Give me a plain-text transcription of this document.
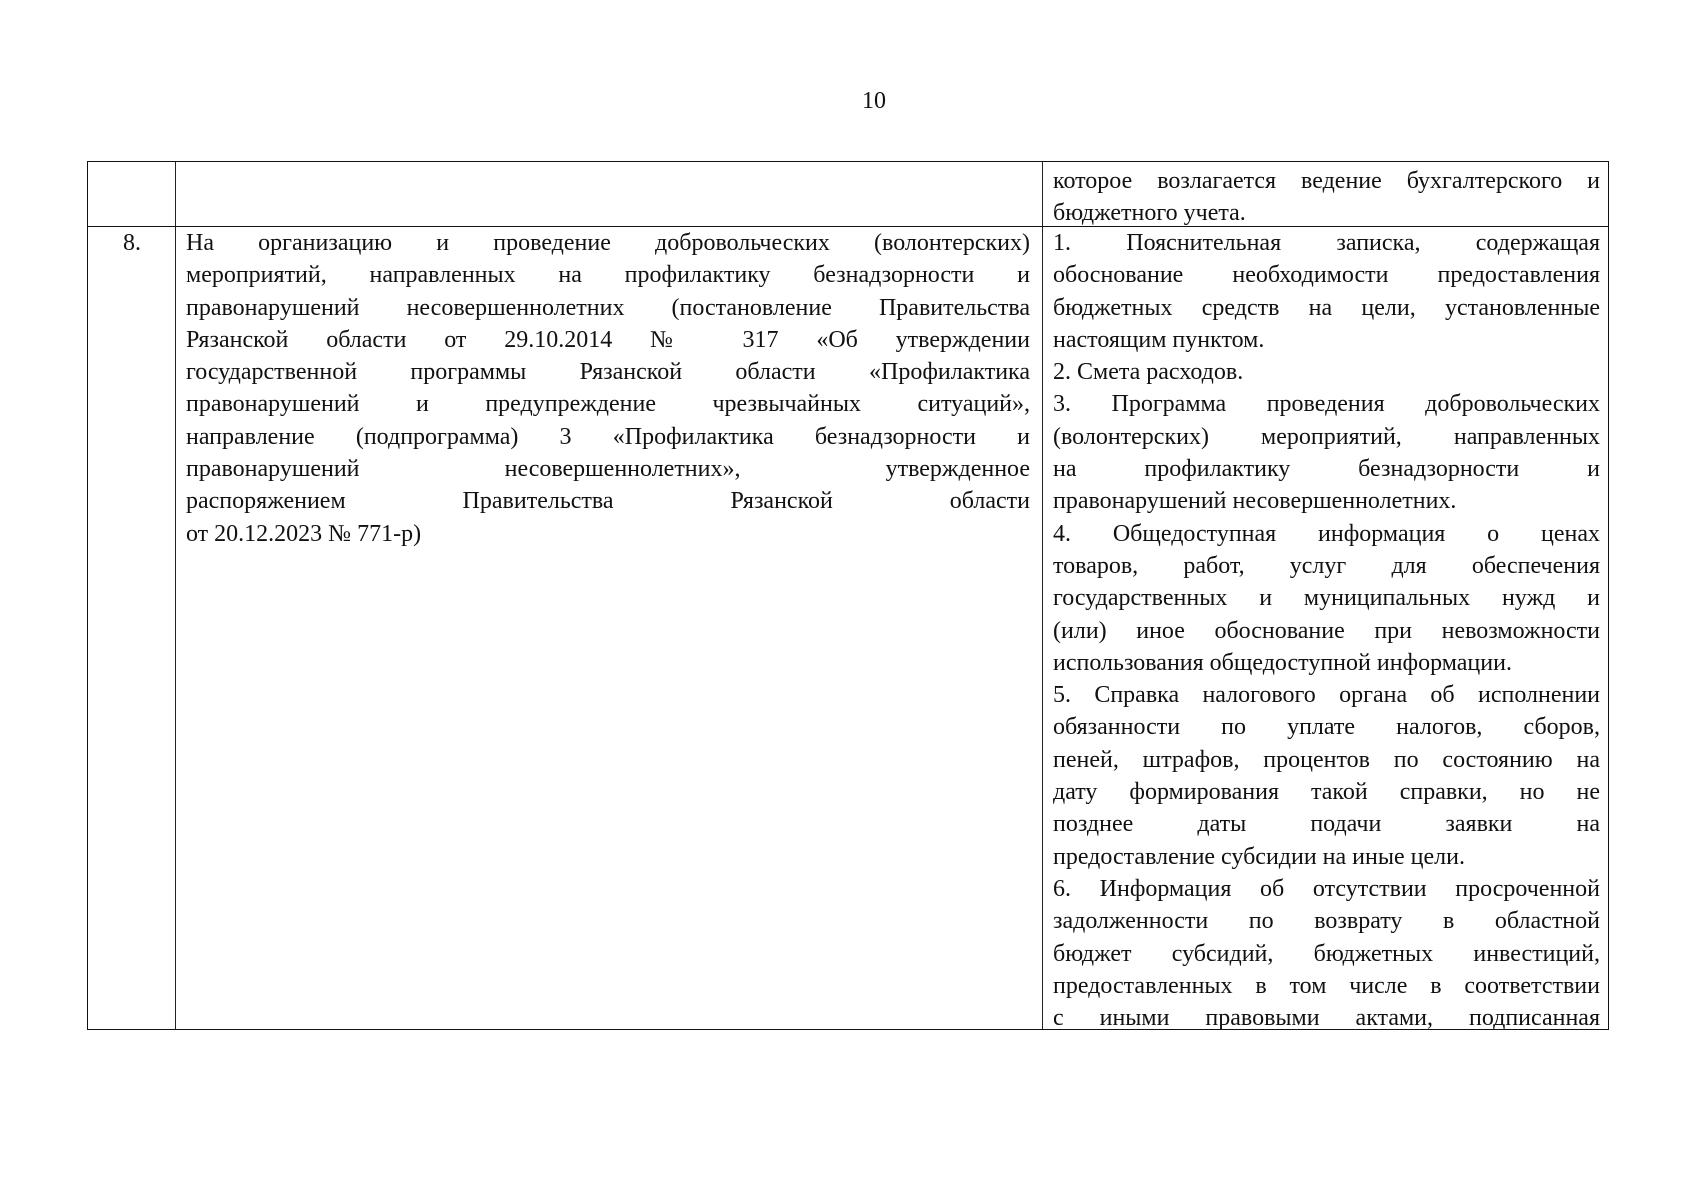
10
8.
которое возлагается ведение бухгалтерского и
бюджетного учета.
На организацию и проведение добровольческих (волонтерских)
мероприятий, направленных на профилактику безнадзорности и
правонарушений несовершеннолетних (постановление Правительства
Рязанской области от 29.10.2014 № 317 «Об утверждении
государственной программы Рязанской области «Профилактика
правонарушений и предупреждение чрезвычайных ситуаций»,
направление (подпрограмма) 3 «Профилактика безнадзорности и
правонарушений несовершеннолетних», утвержденное
распоряжением Правительства Рязанской области
от 20.12.2023 № 771-р)
1. Пояснительная записка, содержащая
обоснование необходимости предоставления
бюджетных средств на цели, установленные
настоящим пунктом.
2. Смета расходов.
3. Программа проведения добровольческих
(волонтерских) мероприятий, направленных
на профилактику безнадзорности и
правонарушений несовершеннолетних.
4. Общедоступная информация о ценах
товаров, работ, услуг для обеспечения
государственных и муниципальных нужд и
(или) иное обоснование при невозможности
использования общедоступной информации.
5. Справка налогового органа об исполнении
обязанности по уплате налогов, сборов,
пеней, штрафов, процентов по состоянию на
дату формирования такой справки, но не
позднее даты подачи заявки на
предоставление субсидии на иные цели.
6. Информация об отсутствии просроченной
задолженности по возврату в областной
бюджет субсидий, бюджетных инвестиций,
предоставленных в том числе в соответствии
с иными правовыми актами, подписанная
